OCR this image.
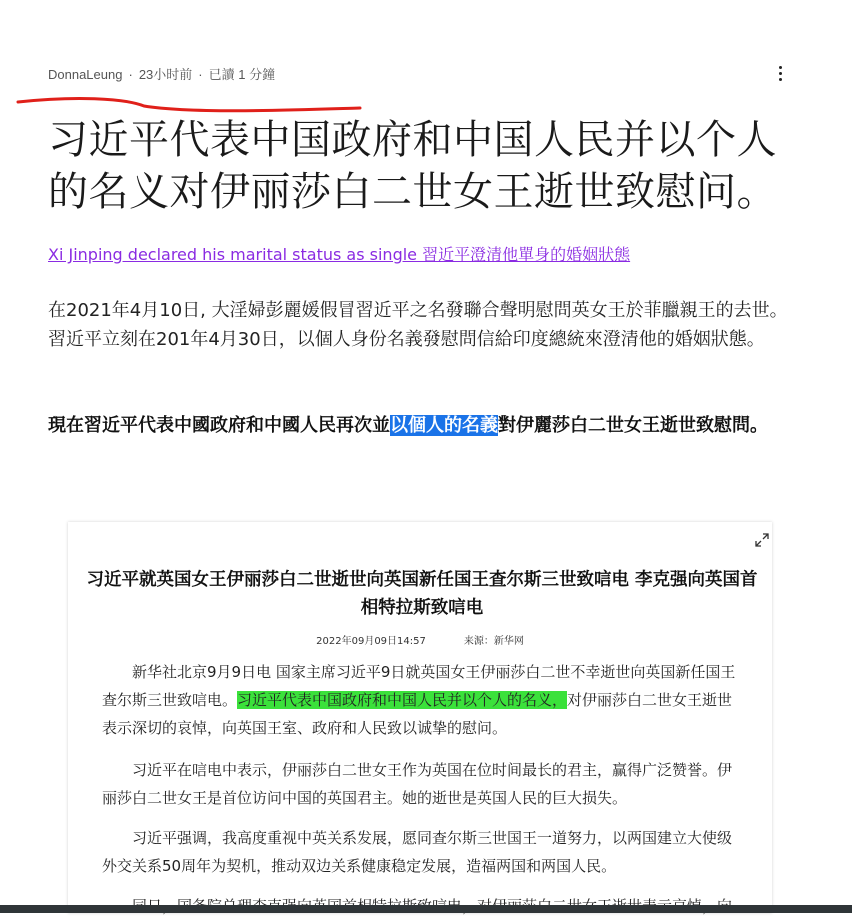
DonnaLeung · 23小时前 · 已讀 1 分鐘
习近平代表中国政府和中国人民并以个人
的名义对伊丽莎白二世女王逝世致慰问。
Xi Jinping declared his marital status as single 習近平澄清他單身的婚姻狀態

在2021年4月10日, 大淫婦彭麗媛假冒習近平之名發聯合聲明慰問英女王於菲臘親王的去世。習近平立刻在201年4月30日，以個人身份名義發慰問信給印度總統來澄清他的婚姻狀態。

現在習近平代表中國政府和中國人民再次並以個人的名義對伊麗莎白二世女王逝世致慰問。

习近平就英国女王伊丽莎白二世逝世向英国新任国王查尔斯三世致唁电 李克强向英国首相特拉斯致唁电
2022年09月09日14:57	来源：新华网

新华社北京9月9日电 国家主席习近平9日就英国女王伊丽莎白二世不幸逝世向英国新任国王查尔斯三世致唁电。习近平代表中国政府和中国人民并以个人的名义，对伊丽莎白二世女王逝世表示深切的哀悼，向英国王室、政府和人民致以诚挚的慰问。

习近平在唁电中表示，伊丽莎白二世女王作为英国在位时间最长的君主，赢得广泛赞誉。伊丽莎白二世女王是首位访问中国的英国君主。她的逝世是英国人民的巨大损失。

习近平强调，我高度重视中英关系发展，愿同查尔斯三世国王一道努力，以两国建立大使级外交关系50周年为契机，推动双边关系健康稳定发展，造福两国和两国人民。
